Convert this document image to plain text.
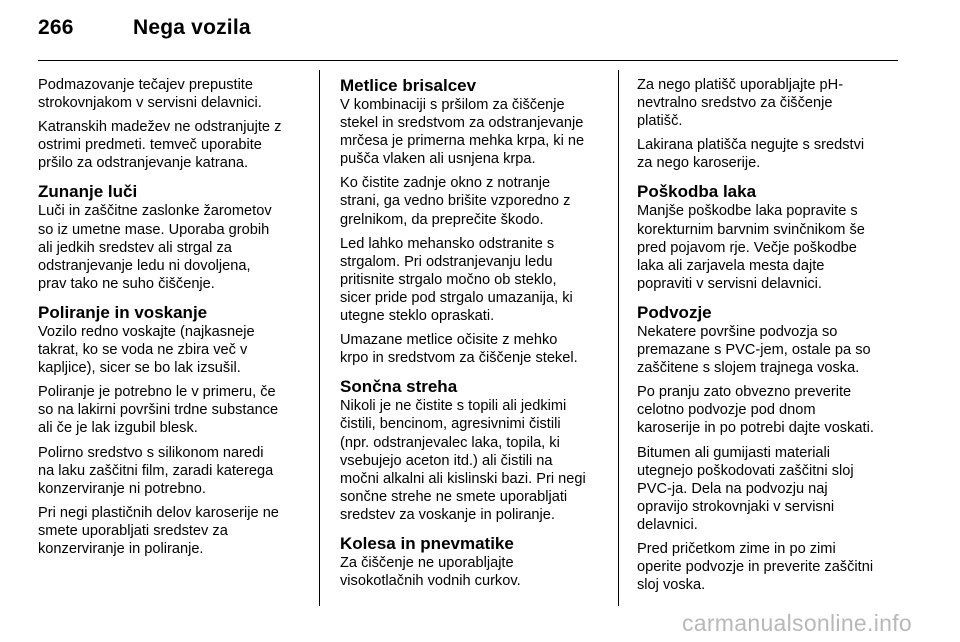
266	Nega vozila

Podmazovanje tečajev prepustite
strokovnjakom v servisni delavnici.

Katranskih madežev ne odstranjujte z
ostrimi predmeti. temveč uporabite
pršilo za odstranjevanje katrana.

Zunanje luči

Luči in zaščitne zaslonke žarometov
so iz umetne mase. Uporaba grobih
ali jedkih sredstev ali strgal za
odstranjevanje ledu ni dovoljena,
prav tako ne suho čiščenje.

Poliranje in voskanje

Vozilo redno voskajte (najkasneje
takrat, ko se voda ne zbira več v
kapljice), sicer se bo lak izsušil.

Poliranje je potrebno le v primeru, če
so na lakirni površini trdne substance
ali če je lak izgubil blesk.

Polirno sredstvo s silikonom naredi
na laku zaščitni film, zaradi katerega
konzerviranje ni potrebno.

Pri negi plastičnih delov karoserije ne
smete uporabljati sredstev za
konzerviranje in poliranje.

Metlice brisalcev

V kombinaciji s pršilom za čiščenje
stekel in sredstvom za odstranjevanje
mrčesa je primerna mehka krpa, ki ne
pušča vlaken ali usnjena krpa.

Ko čistite zadnje okno z notranje
strani, ga vedno brišite vzporedno z
grelnikom, da preprečite škodo.

Led lahko mehansko odstranite s
strgalom. Pri odstranjevanju ledu
pritisnite strgalo močno ob steklo,
sicer pride pod strgalo umazanija, ki
utegne steklo opraskati.

Umazane metlice očisite z mehko
krpo in sredstvom za čiščenje stekel.

Sončna streha

Nikoli je ne čistite s topili ali jedkimi
čistili, bencinom, agresivnimi čistili
(npr. odstranjevalec laka, topila, ki
vsebujejo aceton itd.) ali čistili na
močni alkalni ali kislinski bazi. Pri negi
sončne strehe ne smete uporabljati
sredstev za voskanje in poliranje.

Kolesa in pnevmatike

Za čiščenje ne uporabljajte
visokotlačnih vodnih curkov.

Za nego platišč uporabljajte pH-
nevtralno sredstvo za čiščenje
platišč.

Lakirana platišča negujte s sredstvi
za nego karoserije.

Poškodba laka

Manjše poškodbe laka popravite s
korekturnim barvnim svinčnikom še
pred pojavom rje. Večje poškodbe
laka ali zarjavela mesta dajte
popraviti v servisni delavnici.

Podvozje

Nekatere površine podvozja so
premazane s PVC-jem, ostale pa so
zaščitene s slojem trajnega voska.

Po pranju zato obvezno preverite
celotno podvozje pod dnom
karoserije in po potrebi dajte voskati.

Bitumen ali gumijasti materiali
utegnejo poškodovati zaščitni sloj
PVC-ja. Dela na podvozju naj
opravijo strokovnjaki v servisni
delavnici.

Pred pričetkom zime in po zimi
operite podvozje in preverite zaščitni
sloj voska.

carmanualsonline.info
